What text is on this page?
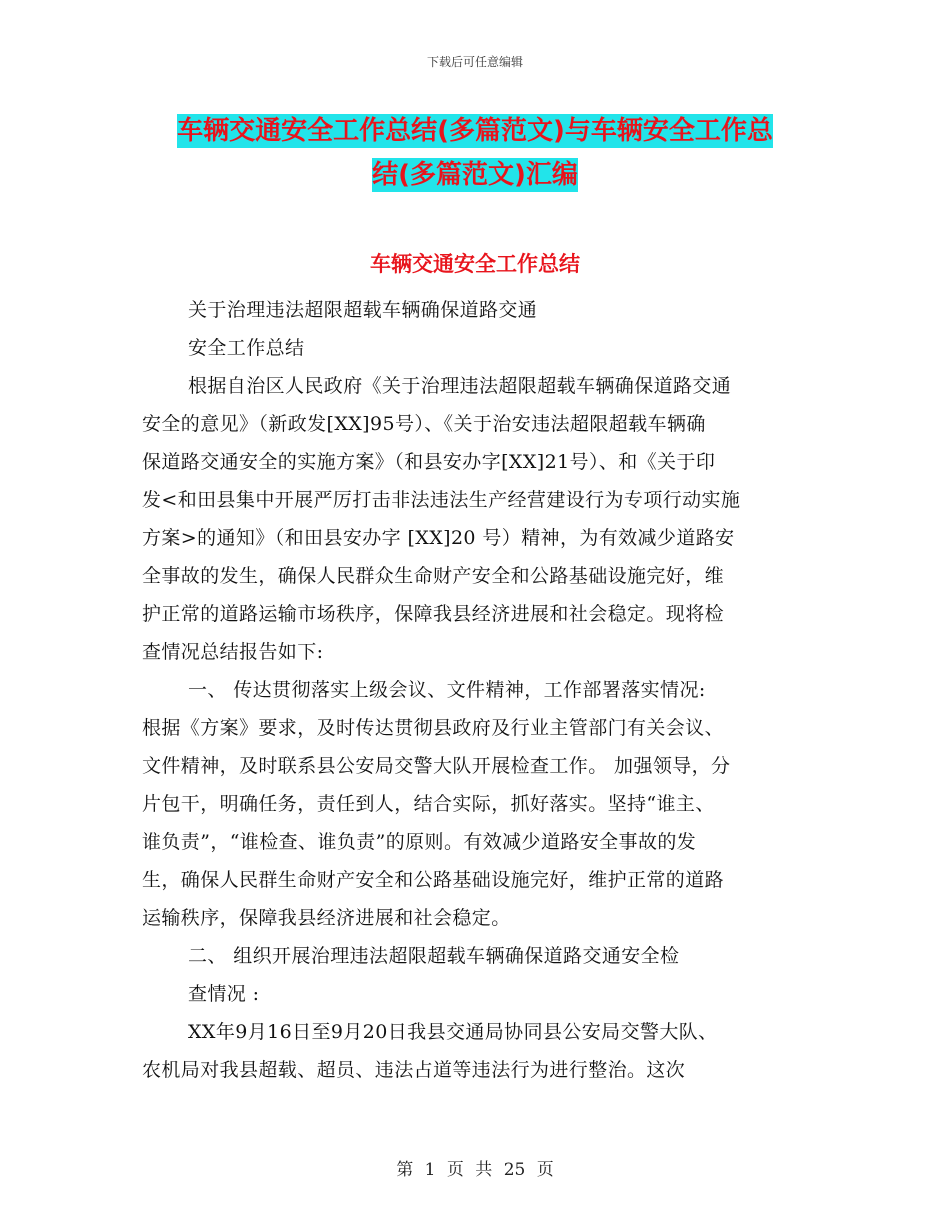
下载后可任意编辑
车辆交通安全工作总结(多篇范文)与车辆安全工作总
结(多篇范文)汇编
车辆交通安全工作总结
关于治理违法超限超载车辆确保道路交通
安全工作总结
根据自治区人民政府《关于治理违法超限超载车辆确保道路交通
安全的意见》（新政发[XX]95号）、《关于治安违法超限超载车辆确
保道路交通安全的实施方案》（和县安办字[XX]21号）、和《关于印
发<和田县集中开展严厉打击非法违法生产经营建设行为专项行动实施
方案>的通知》（和田县安办字 [XX]20 号）精神，为有效减少道路安
全事故的发生，确保人民群众生命财产安全和公路基础设施完好，维
护正常的道路运输市场秩序，保障我县经济进展和社会稳定。现将检
查情况总结报告如下:
一、 传达贯彻落实上级会议、文件精神，工作部署落实情况:
根据《方案》要求，及时传达贯彻县政府及行业主管部门有关会议、
文件精神，及时联系县公安局交警大队开展检查工作。 加强领导，分
片包干，明确任务，责任到人，结合实际，抓好落实。坚持“谁主、
谁负责”，“谁检查、谁负责”的原则。有效减少道路安全事故的发
生，确保人民群生命财产安全和公路基础设施完好，维护正常的道路
运输秩序，保障我县经济进展和社会稳定。
二、 组织开展治理违法超限超载车辆确保道路交通安全检
查情况 :
XX年9月16日至9月20日我县交通局协同县公安局交警大队、
农机局对我县超载、超员、违法占道等违法行为进行整治。这次
第 1 页 共 25 页
